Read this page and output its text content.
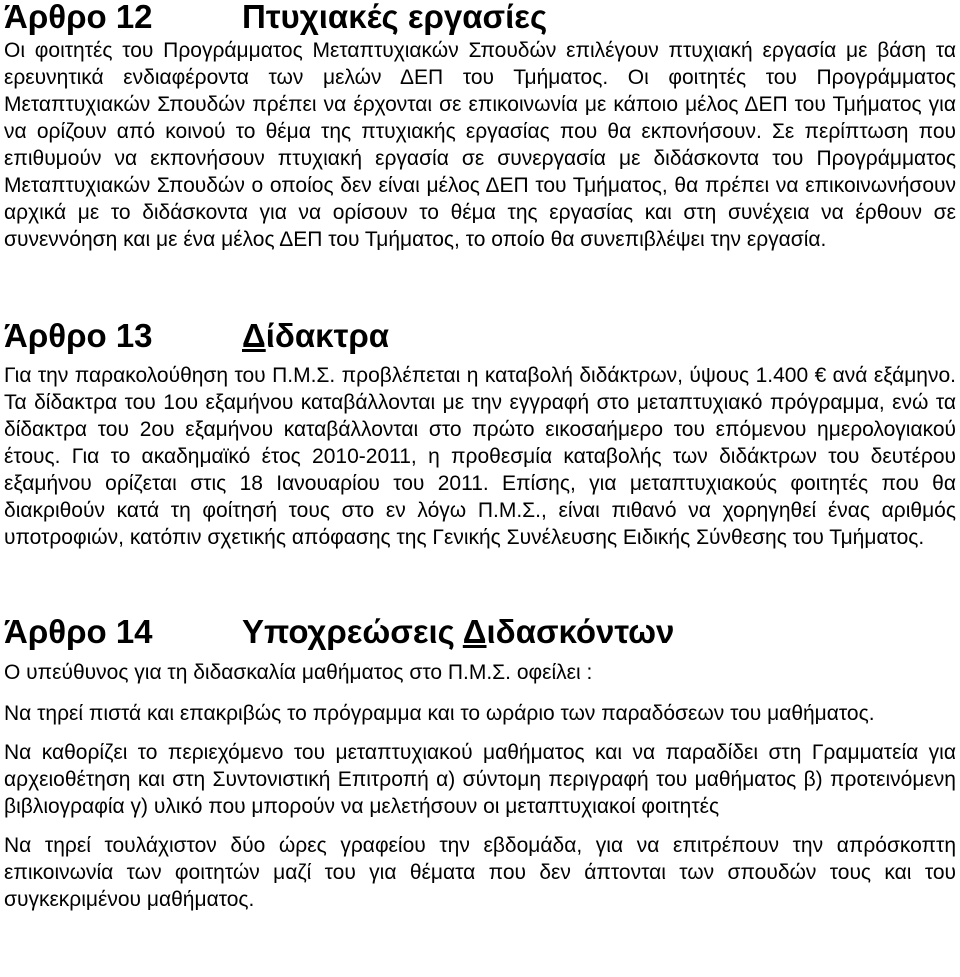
Άρθρο 12	Πτυχιακές εργασίες

Οι φοιτητές του Προγράμματος Μεταπτυχιακών Σπουδών επιλέγουν πτυχιακή εργασία με βάση τα ερευνητικά ενδιαφέροντα των μελών ΔΕΠ του Τμήματος. Οι φοιτητές του Προγράμματος Μεταπτυχιακών Σπουδών πρέπει να έρχονται σε επικοινωνία με κάποιο μέλος ΔΕΠ του Τμήματος για να ορίζουν από κοινού το θέμα της πτυχιακής εργασίας που θα εκπονήσουν. Σε περίπτωση που επιθυμούν να εκπονήσουν πτυχιακή εργασία σε συνεργασία με διδάσκοντα του Προγράμματος Μεταπτυχιακών Σπουδών ο οποίος δεν είναι μέλος ΔΕΠ του Τμήματος, θα πρέπει να επικοινωνήσουν αρχικά με το διδάσκοντα για να ορίσουν το θέμα της εργασίας και στη συνέχεια να έρθουν σε συνεννόηση και με ένα μέλος ΔΕΠ του Τμήματος, το οποίο θα συνεπιβλέψει την εργασία.

Άρθρο 13	Δίδακτρα

Για την παρακολούθηση του Π.Μ.Σ. προβλέπεται η καταβολή διδάκτρων, ύψους 1.400 € ανά εξάμηνο. Τα δίδακτρα του 1ου εξαμήνου καταβάλλονται με την εγγραφή στο μεταπτυχιακό πρόγραμμα, ενώ τα δίδακτρα του 2ου εξαμήνου καταβάλλονται στο πρώτο εικοσαήμερο του επόμενου ημερολογιακού έτους. Για το ακαδημαϊκό έτος 2010-2011, η προθεσμία καταβολής των διδάκτρων του δευτέρου εξαμήνου ορίζεται στις 18 Ιανουαρίου του 2011. Επίσης, για μεταπτυχιακούς φοιτητές που θα διακριθούν κατά τη φοίτησή τους στο εν λόγω Π.Μ.Σ., είναι πιθανό να χορηγηθεί ένας αριθμός υποτροφιών, κατόπιν σχετικής απόφασης της Γενικής Συνέλευσης Ειδικής Σύνθεσης του Τμήματος.

Άρθρο 14	Υποχρεώσεις Διδασκόντων

Ο υπεύθυνος για τη διδασκαλία μαθήματος στο Π.Μ.Σ. οφείλει :

Να τηρεί πιστά και επακριβώς το πρόγραμμα και το ωράριο των παραδόσεων του μαθήματος.

Να καθορίζει το περιεχόμενο του μεταπτυχιακού μαθήματος και να παραδίδει στη Γραμματεία για αρχειοθέτηση και στη Συντονιστική Επιτροπή α) σύντομη περιγραφή του μαθήματος β) προτεινόμενη βιβλιογραφία γ) υλικό που μπορούν να μελετήσουν οι μεταπτυχιακοί φοιτητές

Να τηρεί τουλάχιστον δύο ώρες γραφείου την εβδομάδα, για να επιτρέπουν την απρόσκοπτη επικοινωνία των φοιτητών μαζί του για θέματα που δεν άπτονται των σπουδών τους και του συγκεκριμένου μαθήματος.
